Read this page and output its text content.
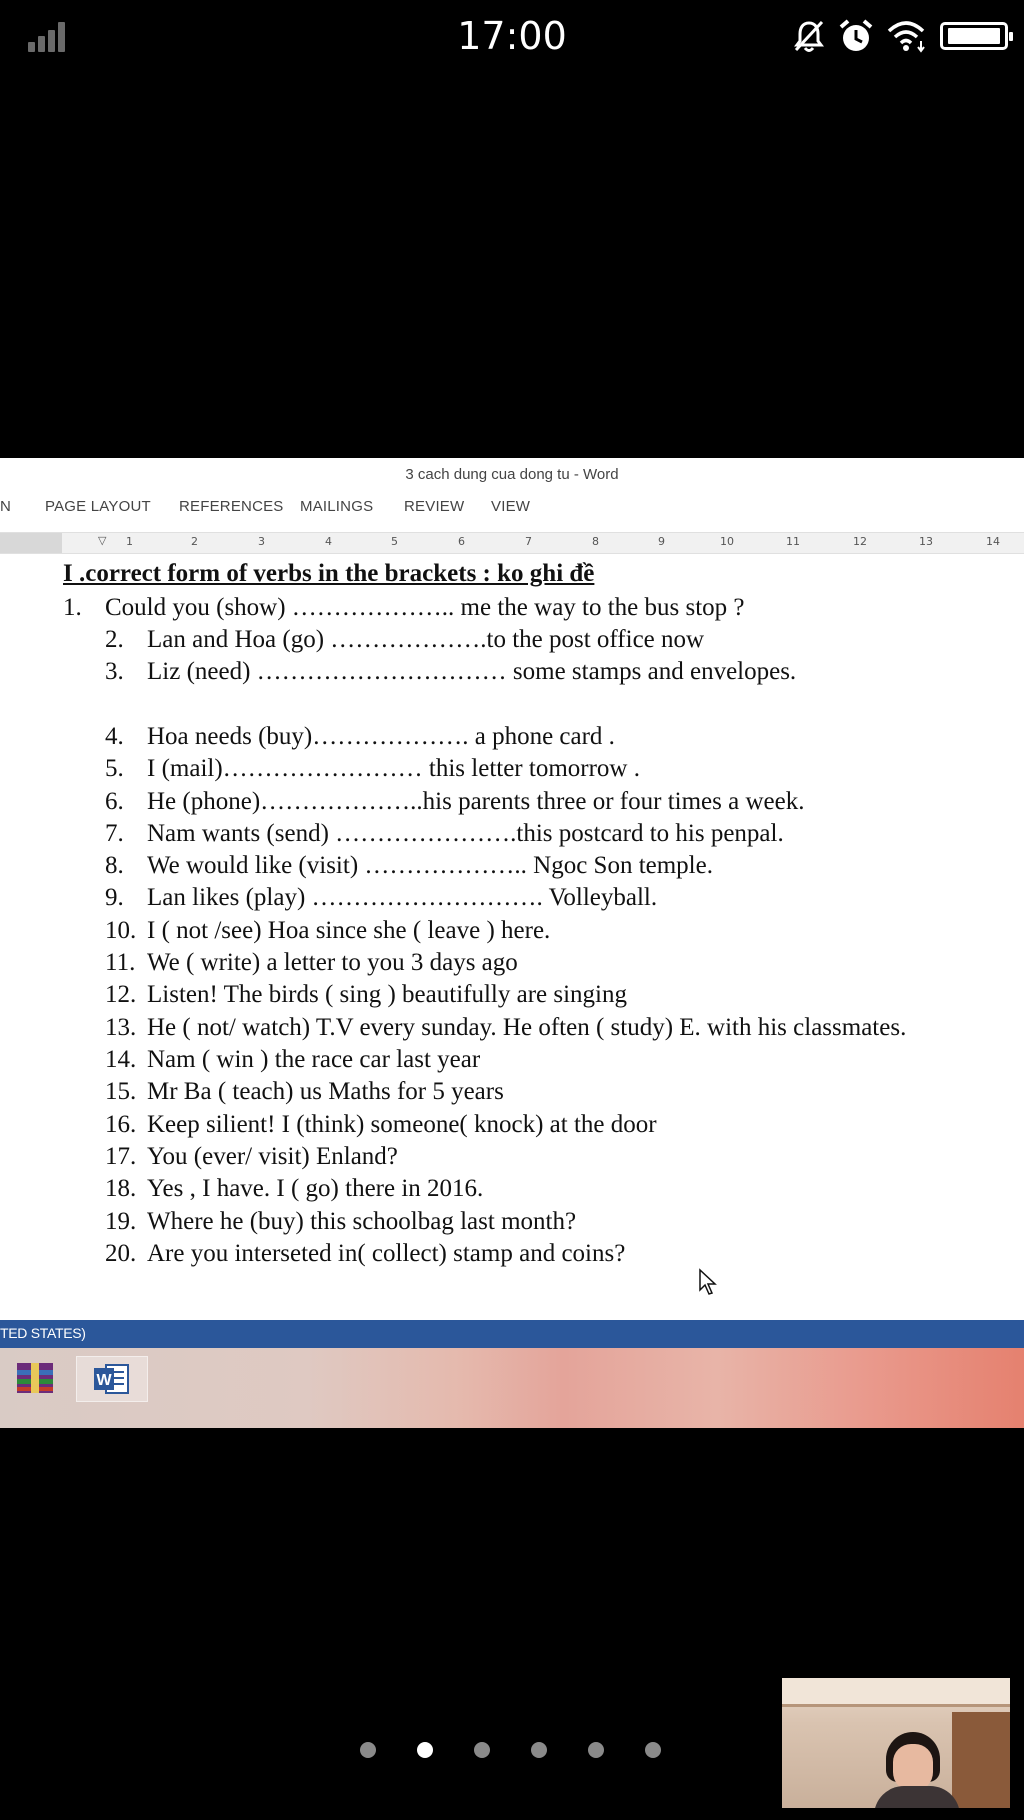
17:00
3 cach dung cua dong tu - Word
N PAGE LAYOUT REFERENCES MAILINGS REVIEW VIEW
▽ 1	2	3	4	5	6	7	8	9	10	11	12	13	14
I .correct form of verbs in the brackets : ko ghi đề
1. Could you (show) ……………….. me the way to the bus stop ?
2. Lan and Hoa (go) ……………….to the post office now
3. Liz (need) ………………………… some stamps and envelopes.
4. Hoa needs (buy)………………. a phone card .
5. I (mail)…………………… this letter tomorrow .
6. He (phone)………………..his parents three or four times a week.
7. Nam wants (send) ………………….this postcard to his penpal.
8. We would like (visit) ……………….. Ngoc Son temple.
9. Lan likes (play) ………………………. Volleyball.
10. I ( not /see) Hoa since she ( leave ) here.
11. We ( write) a letter to you 3 days ago
12. Listen! The birds ( sing ) beautifully are singing
13. He ( not/ watch) T.V every sunday. He often ( study) E. with his classmates.
14. Nam ( win ) the race car last year
15. Mr Ba ( teach) us Maths for 5 years
16. Keep silient! I (think) someone( knock) at the door
17. You (ever/ visit) Enland?
18. Yes , I have. I ( go) there in 2016.
19. Where he (buy) this schoolbag last month?
20. Are you interseted in( collect) stamp and coins?
TED STATES)
W
